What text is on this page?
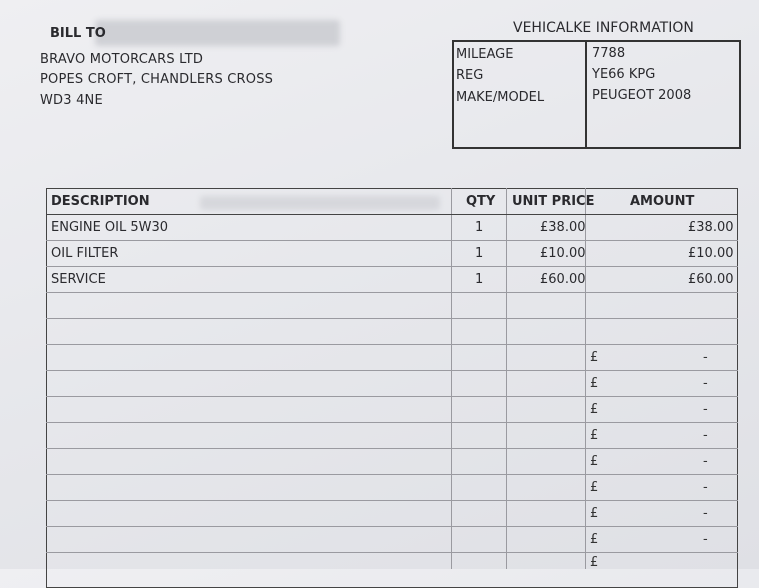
BILL TO
BRAVO MOTORCARS LTD
POPES CROFT, CHANDLERS CROSS
WD3 4NE
VEHICALKE INFORMATION
MILEAGE	7788
REG	YE66 KPG
MAKE/MODEL	PEUGEOT 2008
DESCRIPTION	QTY UNIT PRICE	AMOUNT
ENGINE OIL 5W30	1	£38.00	£38.00
OIL FILTER	1	£10.00	£10.00
SERVICE	1	£60.00	£60.00
£	-
£	-
£	-
£	-
£	-
£	-
£	-
£	-
£
